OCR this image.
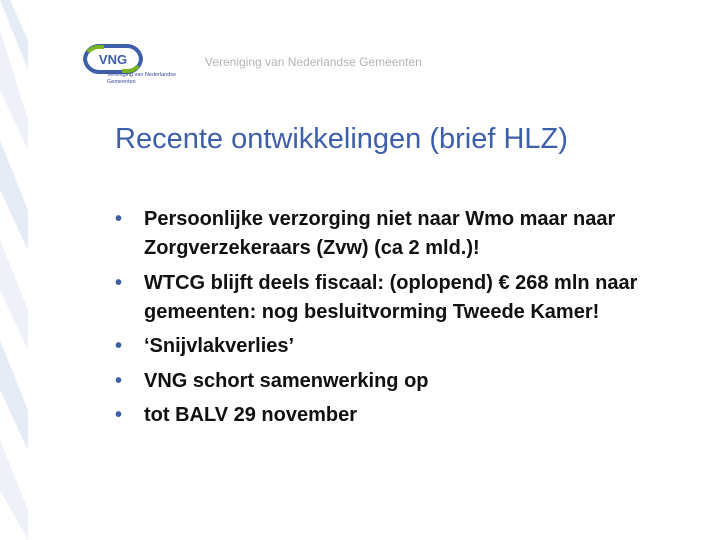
VNG
Vereniging van Nederlandse Gemeenten
Vereniging van Nederlandse Gemeenten
Recente ontwikkelingen (brief HLZ)
• Persoonlijke verzorging niet naar Wmo maar naar Zorgverzekeraars (Zvw) (ca 2 mld.)!
• WTCG blijft deels fiscaal: (oplopend) € 268 mln naar gemeenten: nog besluitvorming Tweede Kamer!
• ‘Snijvlakverlies’
• VNG schort samenwerking op
• tot BALV 29 november
